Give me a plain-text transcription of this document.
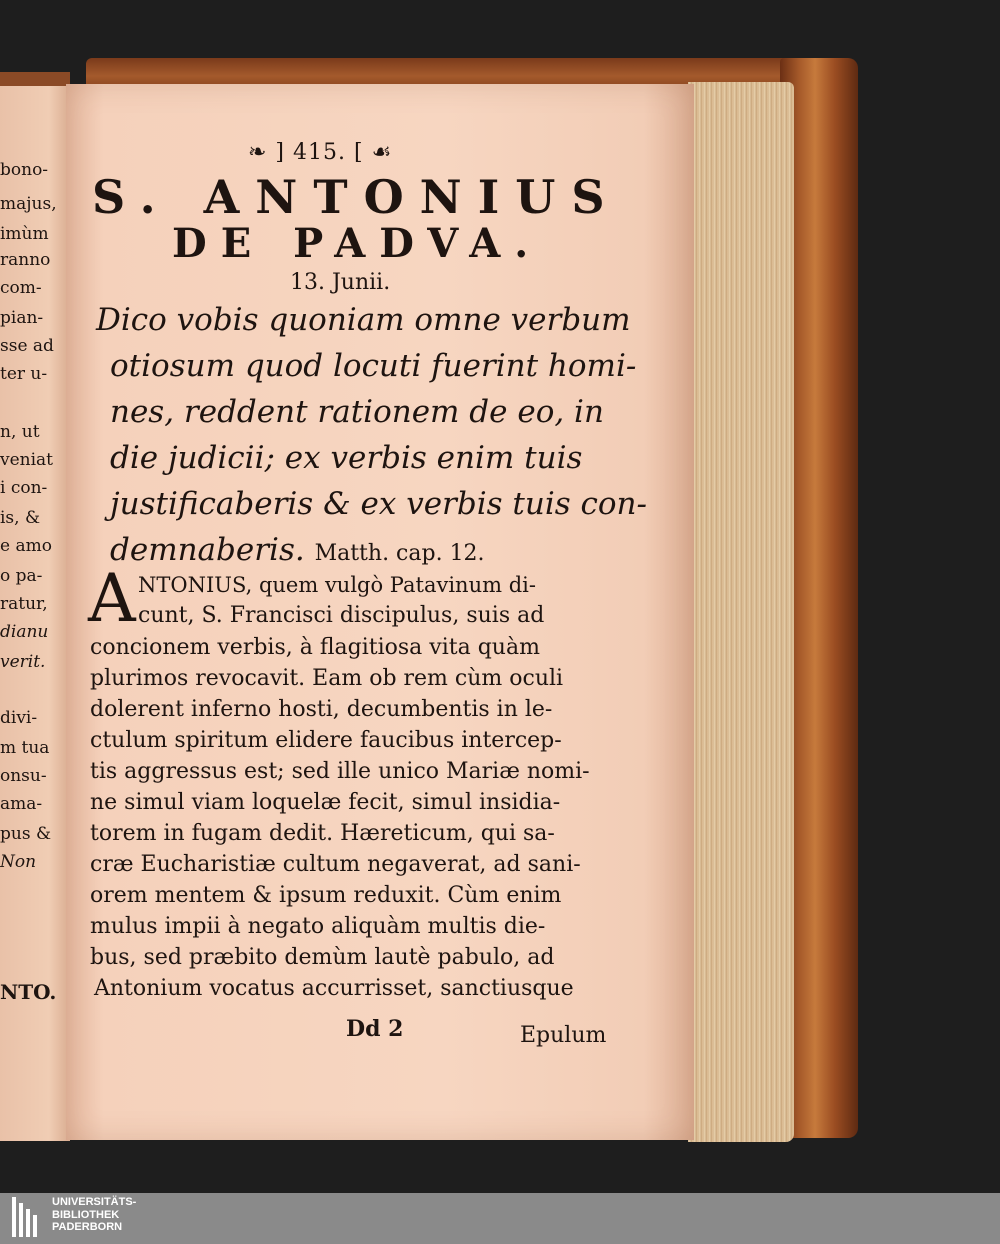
bono-
majus,
imùm
ranno
com-
pian-
sse ad
ter u-
n, ut
veniat
i con-
is, &
e amo
o pa-
ratur,
dianu
verit.
divi-
m tua
onsu-
ama-
pus &
Non
NTO.
❧ ] 415. [ ☙
S. ANTONIUS
DE PADVA.
13. Junii.
Dico vobis quoniam omne verbum
otiosum quod locuti fuerint homi-
nes, reddent rationem de eo, in
die judicii; ex verbis enim tuis
justificaberis & ex verbis tuis con-
demnaberis. Matth. cap. 12.
A NTONIUS, quem vulgò Patavinum di-
cunt, S. Francisci discipulus, suis ad
concionem verbis, à flagitiosa vita quàm
plurimos revocavit. Eam ob rem cùm oculi
dolerent inferno hosti, decumbentis in le-
ctulum spiritum elidere faucibus intercep-
tis aggressus est; sed ille unico Mariæ nomi-
ne simul viam loquelæ fecit, simul insidia-
torem in fugam dedit. Hæreticum, qui sa-
cræ Eucharistiæ cultum negaverat, ad sani-
orem mentem & ipsum reduxit. Cùm enim
mulus impii à negato aliquàm multis die-
bus, sed præbito demùm lautè pabulo, ad
Antonium vocatus accurrisset, sanctiusque
Dd 2	Epulum
UNIVERSITÄTS-
BIBLIOTHEK
PADERBORN
